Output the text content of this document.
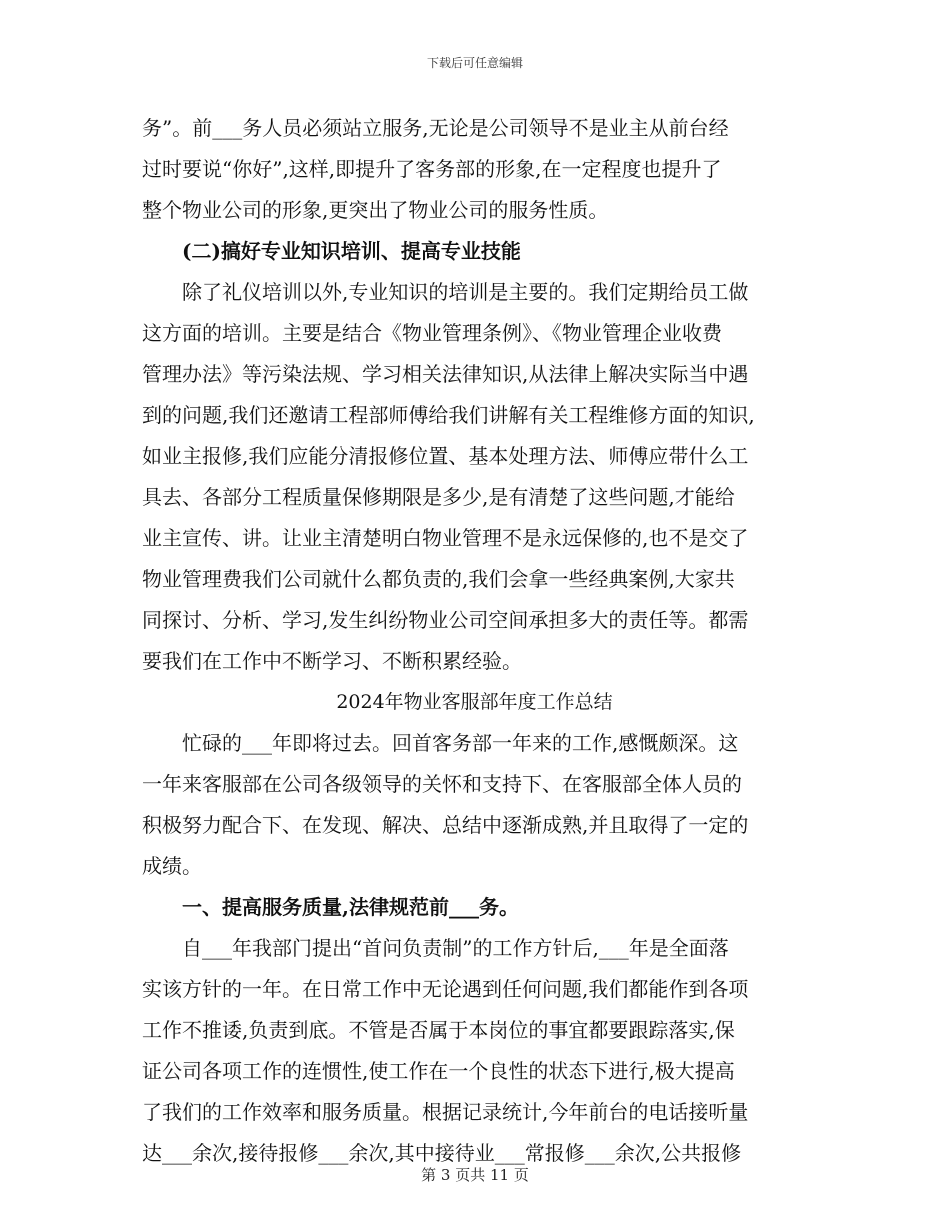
下载后可任意编辑
务”。前___务人员必须站立服务,无论是公司领导不是业主从前台经
过时要说“你好”,这样,即提升了客务部的形象,在一定程度也提升了
整个物业公司的形象,更突出了物业公司的服务性质。
(二)搞好专业知识培训、提高专业技能
除了礼仪培训以外,专业知识的培训是主要的。我们定期给员工做
这方面的培训。主要是结合《物业管理条例》、《物业管理企业收费
管理办法》等污染法规、学习相关法律知识,从法律上解决实际当中遇
到的问题,我们还邀请工程部师傅给我们讲解有关工程维修方面的知识,
如业主报修,我们应能分清报修位置、基本处理方法、师傅应带什么工
具去、各部分工程质量保修期限是多少,是有清楚了这些问题,才能给
业主宣传、讲。让业主清楚明白物业管理不是永远保修的,也不是交了
物业管理费我们公司就什么都负责的,我们会拿一些经典案例,大家共
同探讨、分析、学习,发生纠纷物业公司空间承担多大的责任等。都需
要我们在工作中不断学习、不断积累经验。
2024年物业客服部年度工作总结
忙碌的___年即将过去。回首客务部一年来的工作,感慨颇深。这
一年来客服部在公司各级领导的关怀和支持下、在客服部全体人员的
积极努力配合下、在发现、解决、总结中逐渐成熟,并且取得了一定的
成绩。
一、提高服务质量,法律规范前___务。
自___年我部门提出“首问负责制”的工作方针后,___年是全面落
实该方针的一年。在日常工作中无论遇到任何问题,我们都能作到各项
工作不推诿,负责到底。不管是否属于本岗位的事宜都要跟踪落实,保
证公司各项工作的连惯性,使工作在一个良性的状态下进行,极大提高
了我们的工作效率和服务质量。根据记录统计,今年前台的电话接听量
达___余次,接待报修___余次,其中接待业___常报修___余次,公共报修
第 3 页共 11 页
